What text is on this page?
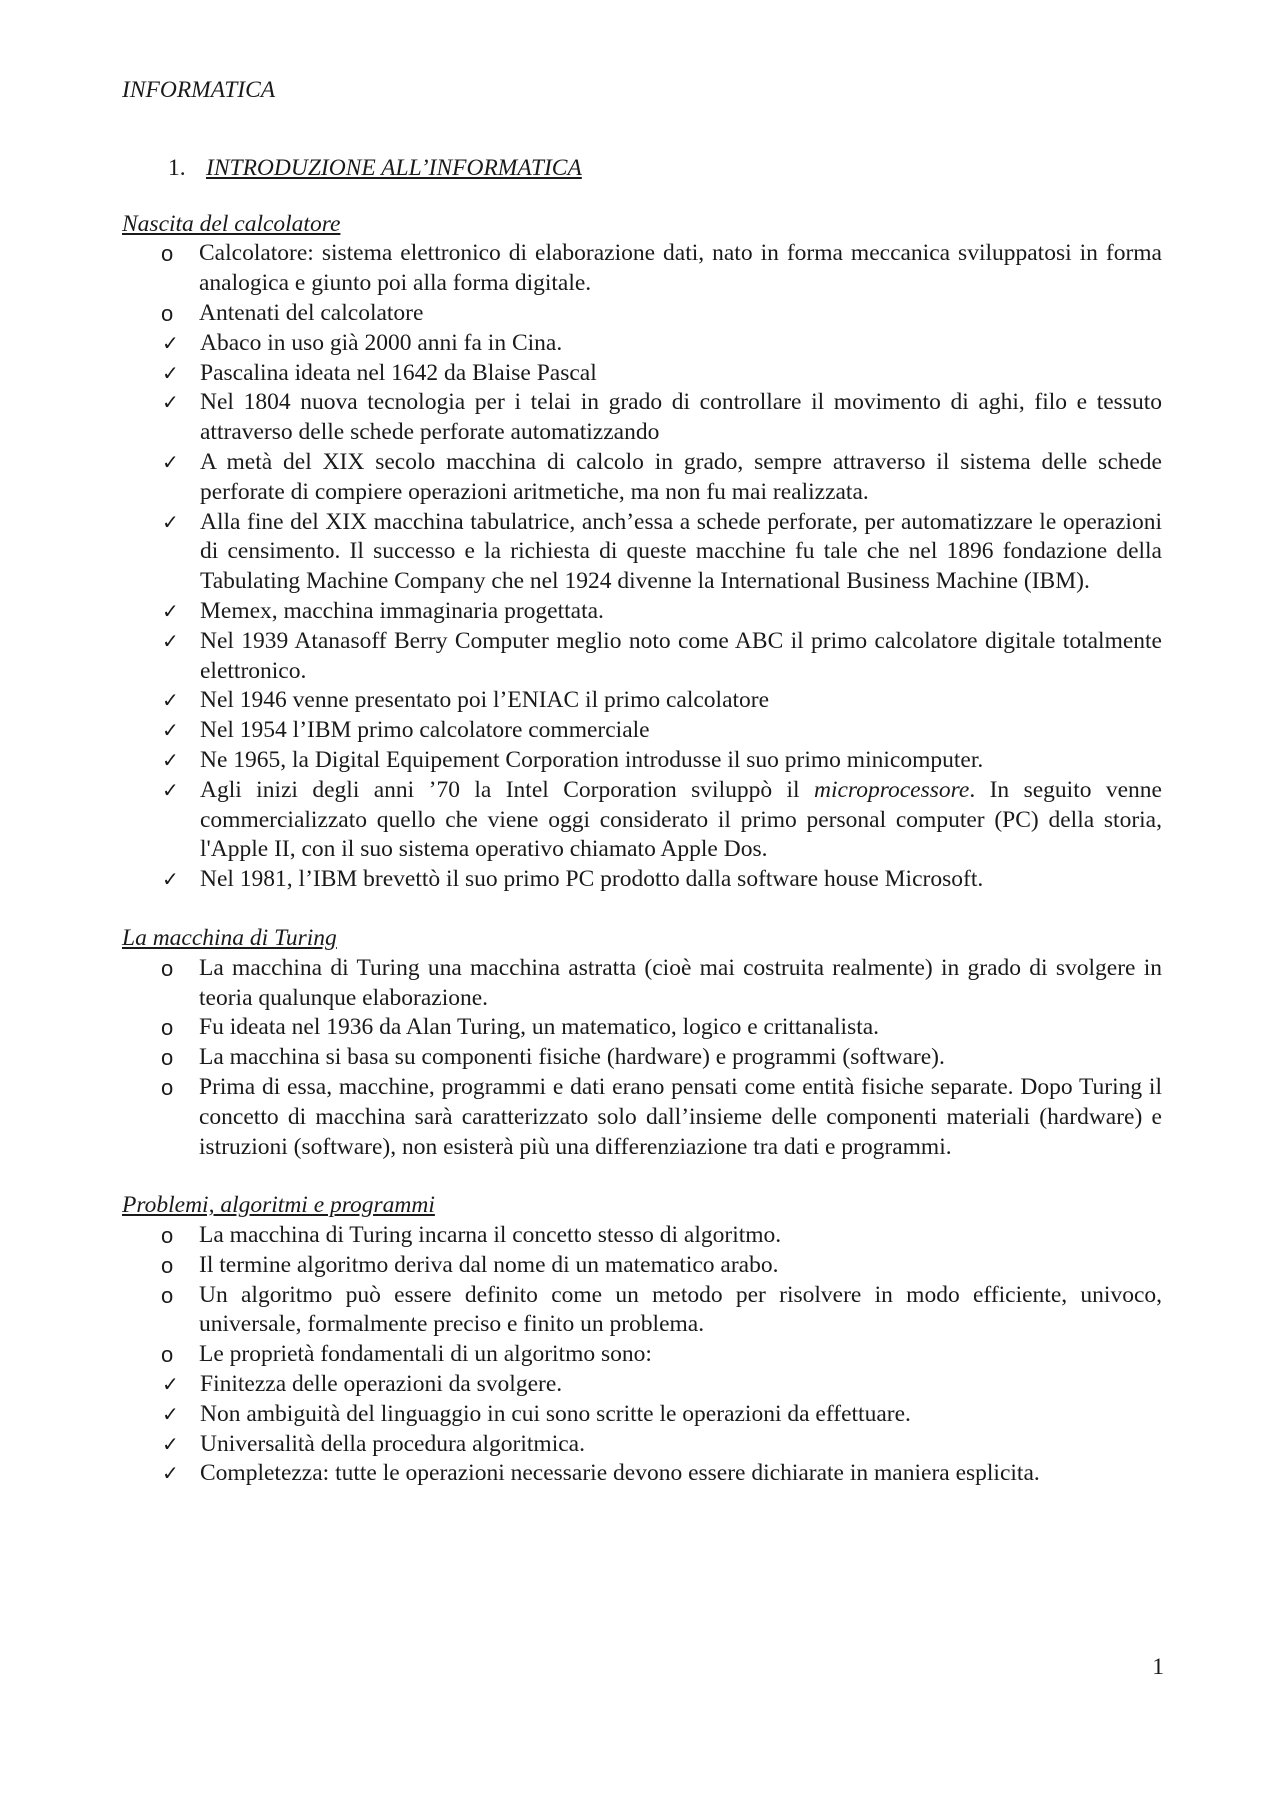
INFORMATICA
1. INTRODUZIONE ALL’INFORMATICA
Nascita del calcolatore
o Calcolatore: sistema elettronico di elaborazione dati, nato in forma meccanica sviluppatosi in forma analogica e giunto poi alla forma digitale.
o Antenati del calcolatore
✓ Abaco in uso già 2000 anni fa in Cina.
✓ Pascalina ideata nel 1642 da Blaise Pascal
✓ Nel 1804 nuova tecnologia per i telai in grado di controllare il movimento di aghi, filo e tessuto attraverso delle schede perforate automatizzando
✓ A metà del XIX secolo macchina di calcolo in grado, sempre attraverso il sistema delle schede perforate di compiere operazioni aritmetiche, ma non fu mai realizzata.
✓ Alla fine del XIX macchina tabulatrice, anch’essa a schede perforate, per automatizzare le operazioni di censimento. Il successo e la richiesta di queste macchine fu tale che nel 1896 fondazione della Tabulating Machine Company che nel 1924 divenne la International Business Machine (IBM).
✓ Memex, macchina immaginaria progettata.
✓ Nel 1939 Atanasoff Berry Computer meglio noto come ABC il primo calcolatore digitale totalmente elettronico.
✓ Nel 1946 venne presentato poi l’ENIAC il primo calcolatore
✓ Nel 1954 l’IBM primo calcolatore commerciale
✓ Ne 1965, la Digital Equipement Corporation introdusse il suo primo minicomputer.
✓ Agli inizi degli anni ’70 la Intel Corporation sviluppò il microprocessore. In seguito venne commercializzato quello che viene oggi considerato il primo personal computer (PC) della storia, l'Apple II, con il suo sistema operativo chiamato Apple Dos.
✓ Nel 1981, l’IBM brevettò il suo primo PC prodotto dalla software house Microsoft.
La macchina di Turing
o La macchina di Turing una macchina astratta (cioè mai costruita realmente) in grado di svolgere in teoria qualunque elaborazione.
o Fu ideata nel 1936 da Alan Turing, un matematico, logico e crittanalista.
o La macchina si basa su componenti fisiche (hardware) e programmi (software).
o Prima di essa, macchine, programmi e dati erano pensati come entità fisiche separate. Dopo Turing il concetto di macchina sarà caratterizzato solo dall’insieme delle componenti materiali (hardware) e istruzioni (software), non esisterà più una differenziazione tra dati e programmi.
Problemi, algoritmi e programmi
o La macchina di Turing incarna il concetto stesso di algoritmo.
o Il termine algoritmo deriva dal nome di un matematico arabo.
o Un algoritmo può essere definito come un metodo per risolvere in modo efficiente, univoco, universale, formalmente preciso e finito un problema.
o Le proprietà fondamentali di un algoritmo sono:
✓ Finitezza delle operazioni da svolgere.
✓ Non ambiguità del linguaggio in cui sono scritte le operazioni da effettuare.
✓ Universalità della procedura algoritmica.
✓ Completezza: tutte le operazioni necessarie devono essere dichiarate in maniera esplicita.
1
